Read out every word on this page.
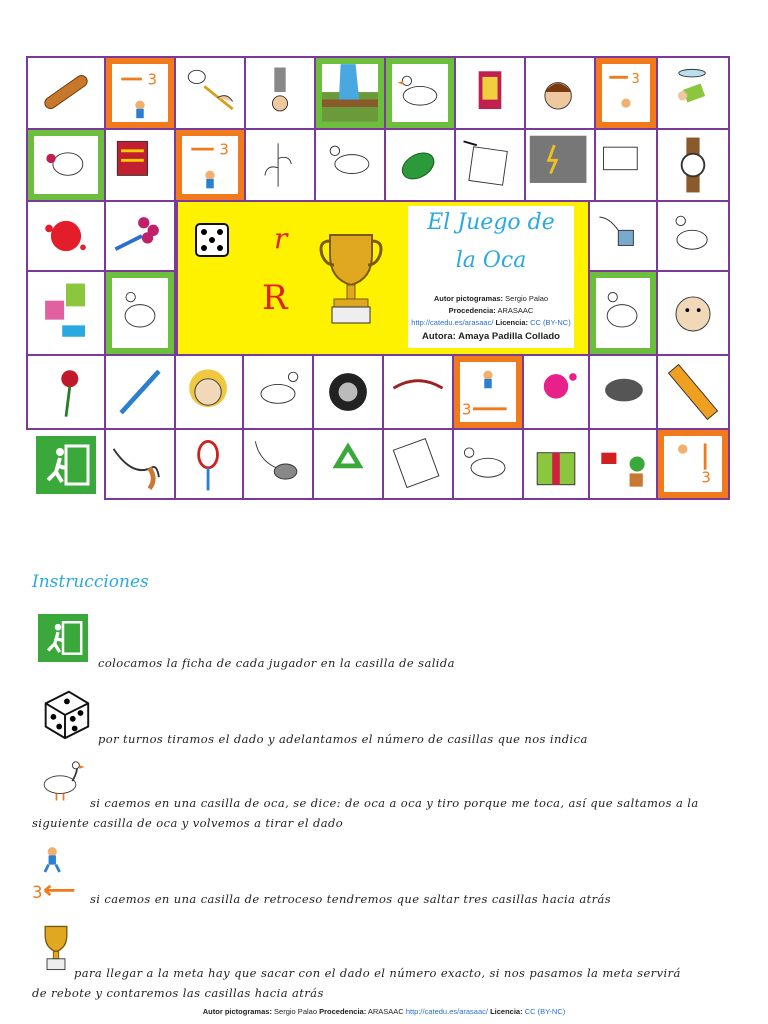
3	3
3
3
3
r
R
El Juego de
la Oca
Autor pictogramas: Sergio Palao
Procedencia: ARASAAC
http://catedu.es/arasaac/ Licencia: CC (BY-NC)
Autora: Amaya Padilla Collado
Instrucciones
colocamos la ficha de cada jugador en la casilla de salida
por turnos tiramos el dado y adelantamos el número de casillas que nos indica
si caemos en una casilla de oca, se dice: de oca a oca y tiro porque me toca, así que saltamos a la
siguiente casilla de oca y volvemos a tirar el dado
3	si caemos en una casilla de retroceso tendremos que saltar tres casillas hacia atrás
para llegar a la meta hay que sacar con el dado el número exacto, si nos pasamos la meta servirá
de rebote y contaremos las casillas hacia atrás
Autor pictogramas: Sergio Palao Procedencia: ARASAAC http://catedu.es/arasaac/ Licencia: CC (BY-NC)
